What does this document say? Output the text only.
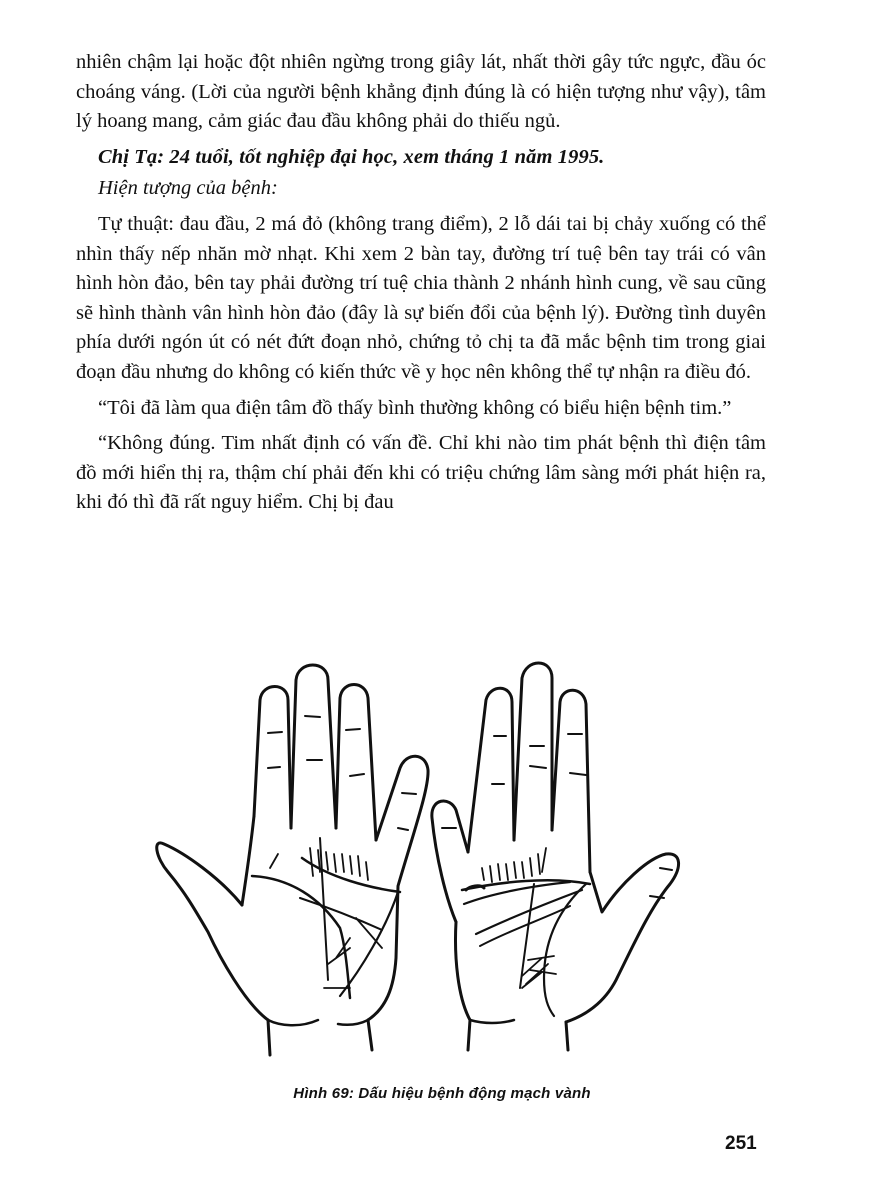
nhiên chậm lại hoặc đột nhiên ngừng trong giây lát, nhất thời gây tức ngực, đầu óc choáng váng. (Lời của người bệnh khẳng định đúng là có hiện tượng như vậy), tâm lý hoang mang, cảm giác đau đầu không phải do thiếu ngủ.

Chị Tạ: 24 tuổi, tốt nghiệp đại học, xem tháng 1 năm 1995.

Hiện tượng của bệnh:

Tự thuật: đau đầu, 2 má đỏ (không trang điểm), 2 lỗ dái tai bị chảy xuống có thể nhìn thấy nếp nhăn mờ nhạt. Khi xem 2 bàn tay, đường trí tuệ bên tay trái có vân hình hòn đảo, bên tay phải đường trí tuệ chia thành 2 nhánh hình cung, về sau cũng sẽ hình thành vân hình hòn đảo (đây là sự biến đổi của bệnh lý). Đường tình duyên phía dưới ngón út có nét đứt đoạn nhỏ, chứng tỏ chị ta đã mắc bệnh tim trong giai đoạn đầu nhưng do không có kiến thức về y học nên không thể tự nhận ra điều đó.

“Tôi đã làm qua điện tâm đồ thấy bình thường không có biểu hiện bệnh tim.”

“Không đúng. Tim nhất định có vấn đề. Chỉ khi nào tim phát bệnh thì điện tâm đồ mới hiển thị ra, thậm chí phải đến khi có triệu chứng lâm sàng mới phát hiện ra, khi đó thì đã rất nguy hiểm. Chị bị đau

Hình 69: Dấu hiệu bệnh động mạch vành
251
